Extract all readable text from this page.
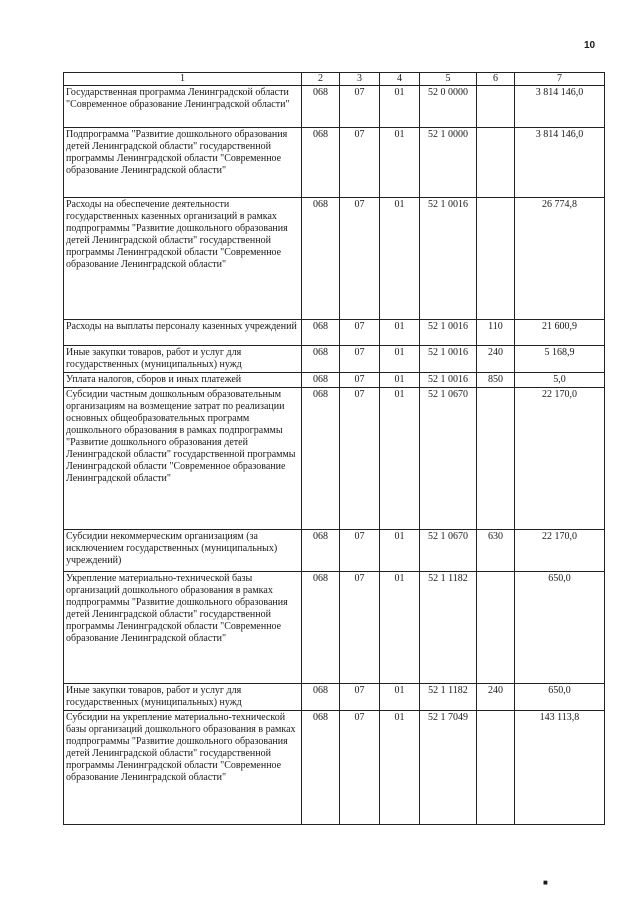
10
1	2	3	4	5	6	7
Государственная программа Ленинградской области "Современное образование Ленинградской области"	068	07	01	52 0 0000		3 814 146,0
Подпрограмма "Развитие дошкольного образования детей Ленинградской области" государственной программы Ленинградской области "Современное образование Ленинградской области"	068	07	01	52 1 0000		3 814 146,0
Расходы на обеспечение деятельности государственных казенных организаций в рамках подпрограммы "Развитие дошкольного образования детей Ленинградской области" государственной программы Ленинградской области "Современное образование Ленинградской области"	068	07	01	52 1 0016		26 774,8
Расходы на выплаты персоналу казенных учреждений	068	07	01	52 1 0016	110	21 600,9
Иные закупки товаров, работ и услуг для государственных (муниципальных) нужд	068	07	01	52 1 0016	240	5 168,9
Уплата налогов, сборов и иных платежей	068	07	01	52 1 0016	850	5,0
Субсидии частным дошкольным образовательным организациям на возмещение затрат по реализации основных общеобразовательных программ дошкольного образования в рамках подпрограммы "Развитие дошкольного образования детей Ленинградской области" государственной программы Ленинградской области "Современное образование Ленинградской области"	068	07	01	52 1 0670		22 170,0
Субсидии некоммерческим организациям (за исключением государственных (муниципальных) учреждений)	068	07	01	52 1 0670	630	22 170,0
Укрепление материально-технической базы организаций дошкольного образования в рамках подпрограммы "Развитие дошкольного образования детей Ленинградской области" государственной программы Ленинградской области "Современное образование Ленинградской области"	068	07	01	52 1 1182		650,0
Иные закупки товаров, работ и услуг для государственных (муниципальных) нужд	068	07	01	52 1 1182	240	650,0
Субсидии на укрепление материально-технической базы организаций дошкольного образования в рамках подпрограммы "Развитие дошкольного образования детей Ленинградской области" государственной программы Ленинградской области "Современное образование Ленинградской области"	068	07	01	52 1 7049		143 113,8
■
